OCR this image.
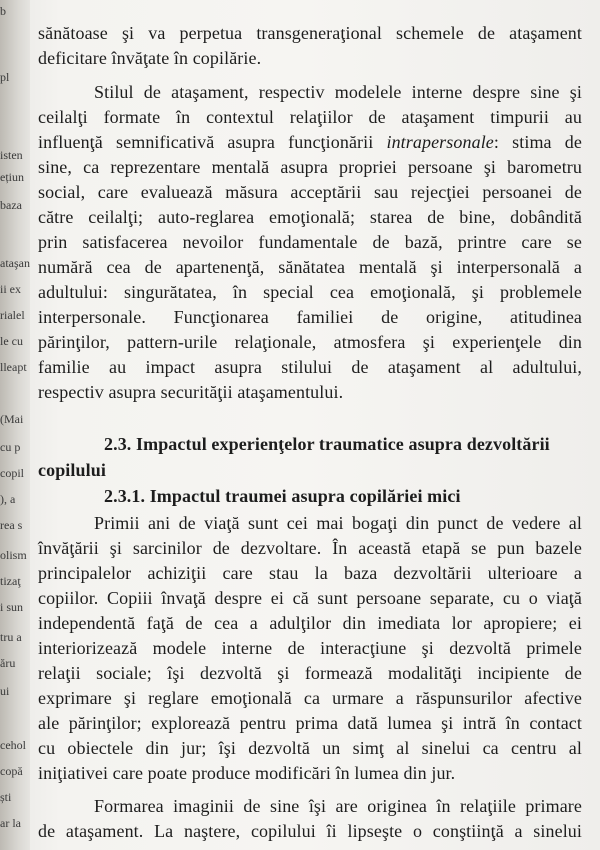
b
pl
isten
ețiun
baza
ataşan
ii ex
rialel
le cu
lleapt
(Mai
cu p
copil
), a
rea s
olism
tizaţ
i sun
tru a
ăru
ui
cehol
copă
ști
ar la
sănătoase şi va perpetua transgeneraţional schemele de ataşament
deficitare învăţate în copilărie.
Stilul de ataşament, respectiv modelele interne despre sine şi
ceilalţi formate în contextul relaţiilor de ataşament timpurii au
influenţă semnificativă asupra funcţionării intrapersonale: stima de
sine, ca reprezentare mentală asupra propriei persoane şi barometru
social, care evaluează măsura acceptării sau rejecţiei persoanei de
către ceilalţi; auto-reglarea emoţională; starea de bine, dobândită
prin satisfacerea nevoilor fundamentale de bază, printre care se
numără cea de apartenenţă, sănătatea mentală şi interpersonală a
adultului: singurătatea, în special cea emoţională, şi problemele
interpersonale. Funcţionarea familiei de origine, atitudinea
părinţilor, pattern-urile relaţionale, atmosfera şi experienţele din
familie au impact asupra stilului de ataşament al adultului,
respectiv asupra securităţii ataşamentului.
2.3. Impactul experienţelor traumatice asupra dezvoltării
copilului
2.3.1. Impactul traumei asupra copilăriei mici
Primii ani de viaţă sunt cei mai bogaţi din punct de vedere al
învăţării şi sarcinilor de dezvoltare. În această etapă se pun bazele
principalelor achiziţii care stau la baza dezvoltării ulterioare a
copiilor. Copiii învaţă despre ei că sunt persoane separate, cu o viaţă
independentă faţă de cea a adulţilor din imediata lor apropiere; ei
interiorizează modele interne de interacţiune şi dezvoltă primele
relaţii sociale; îşi dezvoltă şi formează modalităţi incipiente de
exprimare şi reglare emoţională ca urmare a răspunsurilor afective
ale părinţilor; explorează pentru prima dată lumea şi intră în contact
cu obiectele din jur; îşi dezvoltă un simţ al sinelui ca centru al
iniţiativei care poate produce modificări în lumea din jur.
Formarea imaginii de sine îşi are originea în relaţiile primare
de ataşament. La naştere, copilului îi lipseşte o conştiinţă a sinelui
